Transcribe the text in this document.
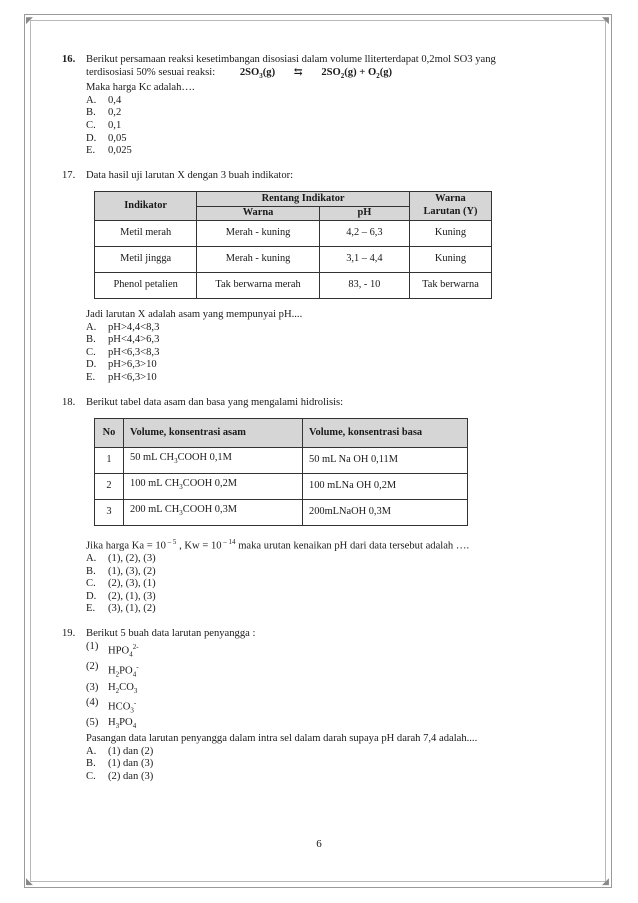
◤	◥
◣	◢
16. Berikut persamaan reaksi kesetimbangan disosiasi dalam volume lliterterdapat 0,2mol SO3 yang
terdisosiasi 50% sesuai reaksi: $2SO_3(g)$ ⇆ $2SO_2(g) + O_2(g)$
Maka harga Kc adalah….
A.	0,4
B.	0,2
C.	0,1
D.	0,05
E.	0,025
17. Data hasil uji larutan X dengan 3 buah indikator:
Indikator	Rentang Indikator		Warna
Larutan (Y)
	Warna	pH	
Metil merah	Merah - kuning	4,2 – 6,3	Kuning
Metil jingga	Merah - kuning	3,1 – 4,4	Kuning
Phenol petalien	Tak berwarna merah	83, - 10	Tak berwarna
Jadi larutan X adalah asam yang mempunyai pH....
A.	pH>4,4<8,3
B.	pH<4,4>6,3
C.	pH<6,3<8,3
D.	pH>6,3>10
E.	pH<6,3>10
18. Berikut tabel data asam dan basa yang mengalami hidrolisis:
No	Volume, konsentrasi asam	Volume, konsentrasi basa
1	50 mL $CH_3COOH$ 0,1M	50 mL Na OH 0,11M
2	100 mL $CH_3COOH$ 0,2M	100 mLNa OH 0,2M
3	200 mL $CH_3COOH$ 0,3M	200mLNaOH 0,3M
Jika harga Ka = 10 $^{- 5}$ , Kw = 10 $^{- 14}$ maka urutan kenaikan pH dari data tersebut adalah ….
A.	(1), (2), (3)
B.	(1), (3), (2)
C.	(2), (3), (1)
D.	(2), (1), (3)
E.	(3), (1), (2)
19. Berikut 5 buah data larutan penyangga :
(1) $HPO_4^{2-}$
(2) $H_2PO_4^-$
(3) $H_2CO_3$
(4) $HCO_3^-$
(5) $H_3PO_4$
Pasangan data larutan penyangga dalam intra sel dalam darah supaya pH darah 7,4 adalah....
A.	(1) dan (2)
B.	(1) dan (3)
C.	(2) dan (3)
6
